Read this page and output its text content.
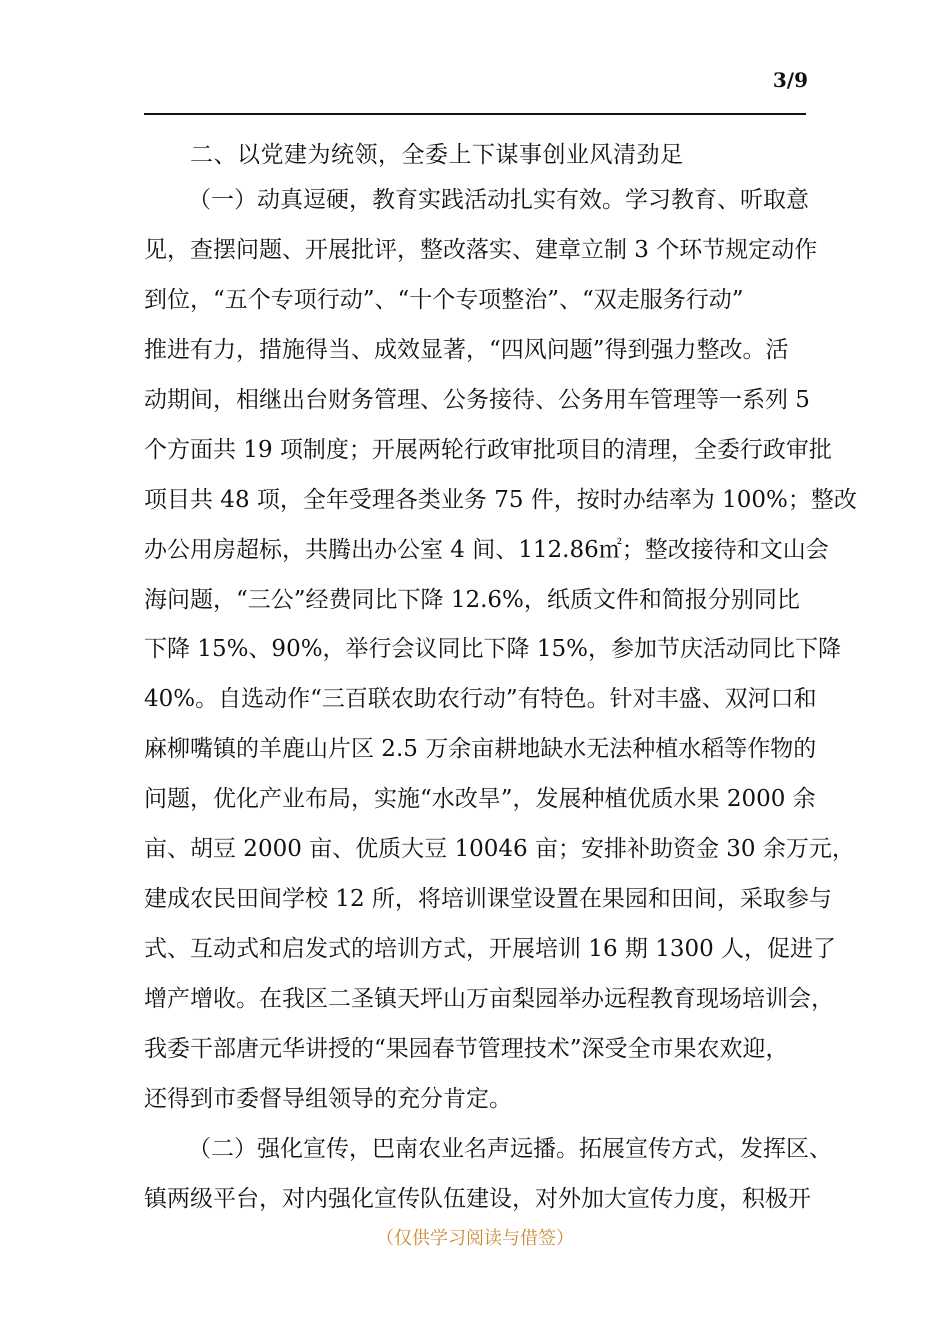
3/9
二、以党建为统领，全委上下谋事创业风清劲足
（一）动真逗硬，教育实践活动扎实有效。学习教育、听取意
见，查摆问题、开展批评，整改落实、建章立制 3 个环节规定动作
到位，“五个专项行动”、“十个专项整治”、“双走服务行动”
推进有力，措施得当、成效显著，“四风问题”得到强力整改。活
动期间，相继出台财务管理、公务接待、公务用车管理等一系列 5
个方面共 19 项制度；开展两轮行政审批项目的清理，全委行政审批
项目共 48 项，全年受理各类业务 75 件，按时办结率为 100%；整改
办公用房超标，共腾出办公室 4 间、112.86㎡；整改接待和文山会
海问题，“三公”经费同比下降 12.6%，纸质文件和简报分别同比
下降 15%、90%，举行会议同比下降 15%，参加节庆活动同比下降
40%。自选动作“三百联农助农行动”有特色。针对丰盛、双河口和
麻柳嘴镇的羊鹿山片区 2.5 万余亩耕地缺水无法种植水稻等作物的
问题，优化产业布局，实施“水改旱”，发展种植优质水果 2000 余
亩、胡豆 2000 亩、优质大豆 10046 亩；安排补助资金 30 余万元，
建成农民田间学校 12 所，将培训课堂设置在果园和田间，采取参与
式、互动式和启发式的培训方式，开展培训 16 期 1300 人，促进了
增产增收。在我区二圣镇天坪山万亩梨园举办远程教育现场培训会，
我委干部唐元华讲授的“果园春节管理技术”深受全市果农欢迎，
还得到市委督导组领导的充分肯定。
（二）强化宣传，巴南农业名声远播。拓展宣传方式，发挥区、
镇两级平台，对内强化宣传队伍建设，对外加大宣传力度，积极开
（仅供学习阅读与借签）
